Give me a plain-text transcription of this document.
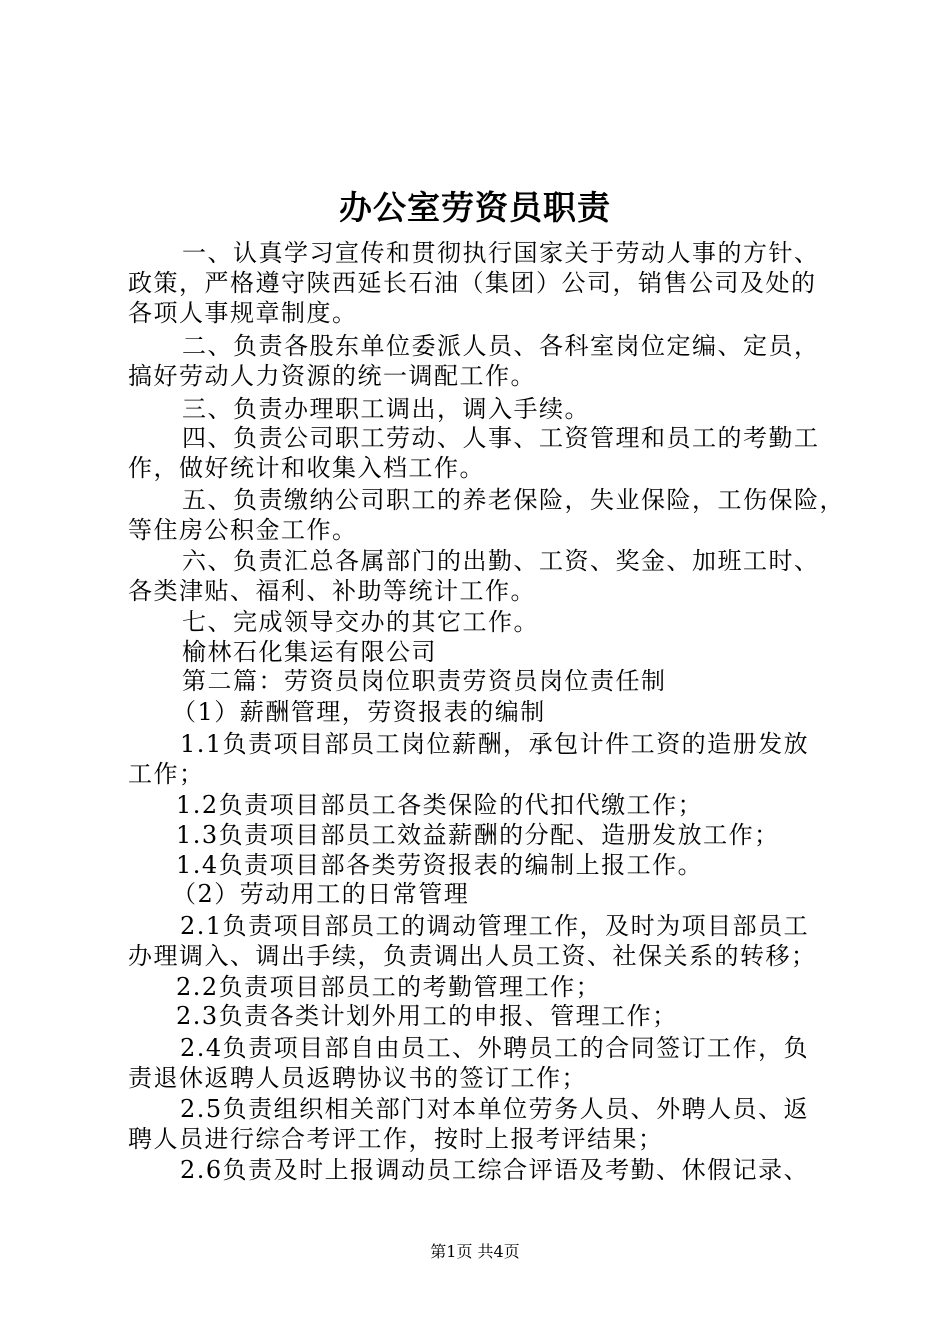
办公室劳资员职责
一、认真学习宣传和贯彻执行国家关于劳动人事的方针、
政策，严格遵守陕西延长石油（集团）公司，销售公司及处的
各项人事规章制度。
二、负责各股东单位委派人员、各科室岗位定编、定员，
搞好劳动人力资源的统一调配工作。
三、负责办理职工调出，调入手续。
四、负责公司职工劳动、人事、工资管理和员工的考勤工
作，做好统计和收集入档工作。
五、负责缴纳公司职工的养老保险，失业保险，工伤保险，
等住房公积金工作。
六、负责汇总各属部门的出勤、工资、奖金、加班工时、
各类津贴、福利、补助等统计工作。
七、完成领导交办的其它工作。
榆林石化集运有限公司
第二篇：劳资员岗位职责劳资员岗位责任制
（1）薪酬管理，劳资报表的编制
1.1负责项目部员工岗位薪酬，承包计件工资的造册发放
工作；
1.2负责项目部员工各类保险的代扣代缴工作；
1.3负责项目部员工效益薪酬的分配、造册发放工作；
1.4负责项目部各类劳资报表的编制上报工作。
（2）劳动用工的日常管理
2.1负责项目部员工的调动管理工作，及时为项目部员工
办理调入、调出手续，负责调出人员工资、社保关系的转移；
2.2负责项目部员工的考勤管理工作；
2.3负责各类计划外用工的申报、管理工作；
2.4负责项目部自由员工、外聘员工的合同签订工作，负
责退休返聘人员返聘协议书的签订工作；
2.5负责组织相关部门对本单位劳务人员、外聘人员、返
聘人员进行综合考评工作，按时上报考评结果；
2.6负责及时上报调动员工综合评语及考勤、休假记录、
第1页 共4页
